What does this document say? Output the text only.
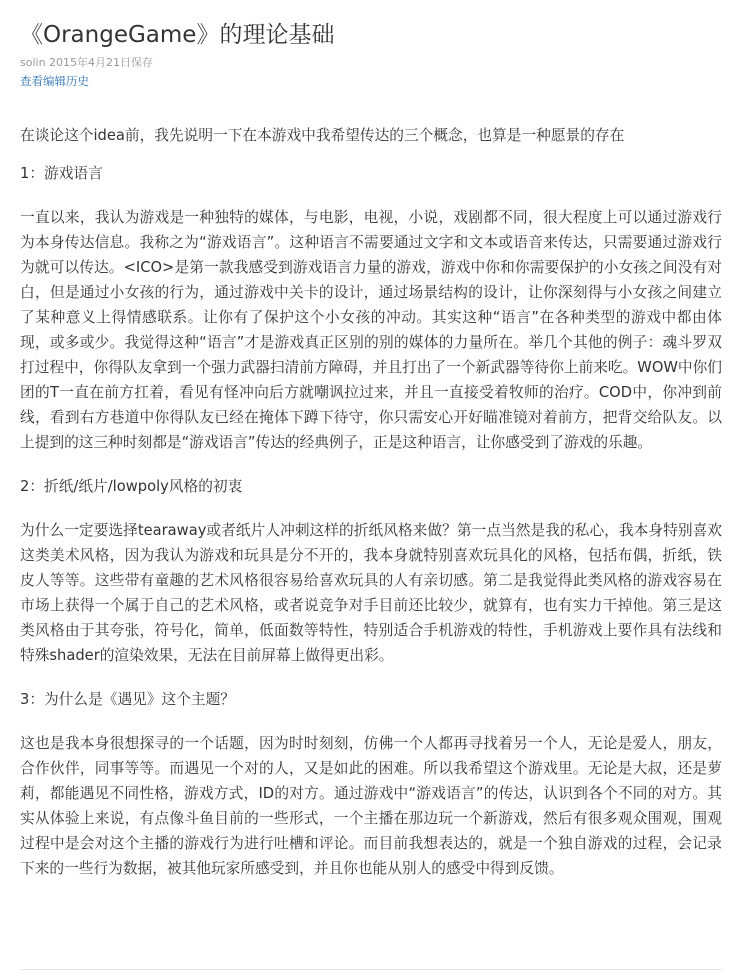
《OrangeGame》的理论基础
solin 2015年4月21日保存
查看编辑历史

在谈论这个idea前，我先说明一下在本游戏中我希望传达的三个概念，也算是一种愿景的存在

1：游戏语言

一直以来，我认为游戏是一种独特的媒体，与电影，电视，小说，戏剧都不同，很大程度上可以通过游戏行为本身传达信息。我称之为“游戏语言”。这种语言不需要通过文字和文本或语音来传达，只需要通过游戏行为就可以传达。<ICO>是第一款我感受到游戏语言力量的游戏，游戏中你和你需要保护的小女孩之间没有对白，但是通过小女孩的行为，通过游戏中关卡的设计，通过场景结构的设计，让你深刻得与小女孩之间建立了某种意义上得情感联系。让你有了保护这个小女孩的冲动。其实这种“语言”在各种类型的游戏中都由体现，或多或少。我觉得这种“语言”才是游戏真正区别的别的媒体的力量所在。举几个其他的例子：魂斗罗双打过程中，你得队友拿到一个强力武器扫清前方障碍，并且打出了一个新武器等待你上前来吃。WOW中你们团的T一直在前方扛着，看见有怪冲向后方就嘲讽拉过来，并且一直接受着牧师的治疗。COD中，你冲到前线，看到右方巷道中你得队友已经在掩体下蹲下待守，你只需安心开好瞄准镜对着前方，把背交给队友。以上提到的这三种时刻都是“游戏语言”传达的经典例子，正是这种语言，让你感受到了游戏的乐趣。

2：折纸/纸片/lowpoly风格的初衷

为什么一定要选择tearaway或者纸片人冲刺这样的折纸风格来做？第一点当然是我的私心，我本身特别喜欢这类美术风格，因为我认为游戏和玩具是分不开的，我本身就特别喜欢玩具化的风格，包括布偶，折纸，铁皮人等等。这些带有童趣的艺术风格很容易给喜欢玩具的人有亲切感。第二是我觉得此类风格的游戏容易在市场上获得一个属于自己的艺术风格，或者说竞争对手目前还比较少，就算有，也有实力干掉他。第三是这类风格由于其夸张，符号化，简单，低面数等特性，特别适合手机游戏的特性，手机游戏上要作具有法线和特殊shader的渲染效果，无法在目前屏幕上做得更出彩。

3：为什么是《遇见》这个主题？

这也是我本身很想探寻的一个话题，因为时时刻刻，仿佛一个人都再寻找着另一个人，无论是爱人，朋友，合作伙伴，同事等等。而遇见一个对的人，又是如此的困难。所以我希望这个游戏里。无论是大叔，还是萝莉，都能遇见不同性格，游戏方式，ID的对方。通过游戏中“游戏语言”的传达，认识到各个不同的对方。其实从体验上来说，有点像斗鱼目前的一些形式，一个主播在那边玩一个新游戏，然后有很多观众围观，围观过程中是会对这个主播的游戏行为进行吐槽和评论。而目前我想表达的，就是一个独自游戏的过程，会记录下来的一些行为数据，被其他玩家所感受到，并且你也能从别人的感受中得到反馈。
